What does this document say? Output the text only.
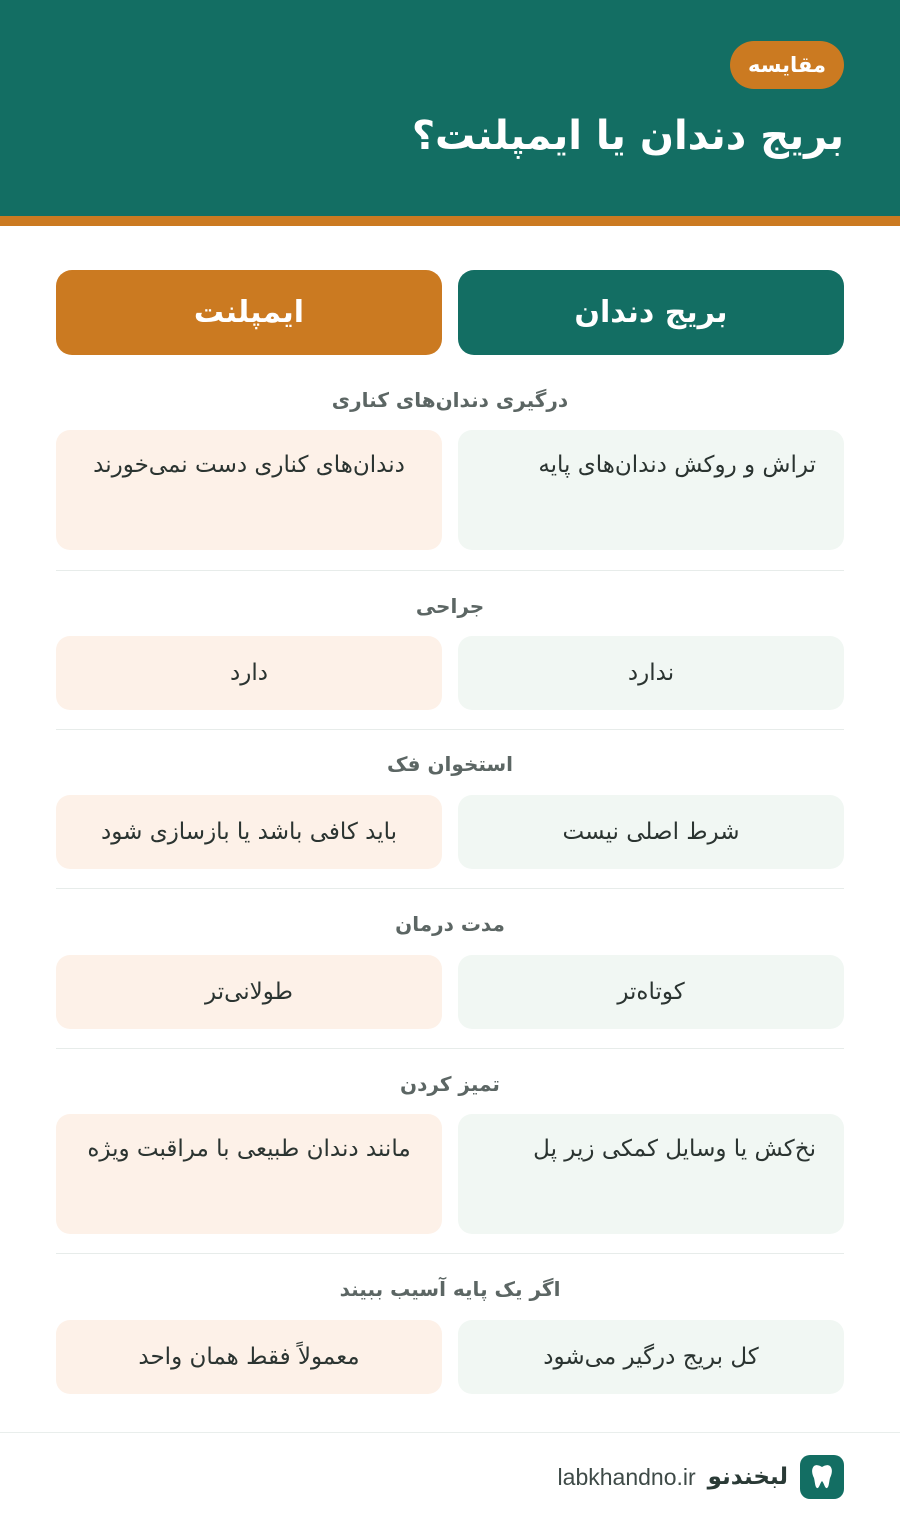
مقایسه
بریج دندان یا ایمپلنت؟
بریج دندان
ایمپلنت
درگیری دندان‌های کناری
تراش و روکش دندان‌های پایه
دندان‌های کناری دست نمی‌خورند
جراحی
ندارد
دارد
استخوان فک
شرط اصلی نیست
باید کافی باشد یا بازسازی شود
مدت درمان
کوتاه‌تر
طولانی‌تر
تمیز کردن
نخ‌کش یا وسایل کمکی زیر پل
مانند دندان طبیعی با مراقبت ویژه
اگر یک پایه آسیب ببیند
کل بریج درگیر می‌شود
معمولاً فقط همان واحد
لبخندنو
labkhandno.ir
